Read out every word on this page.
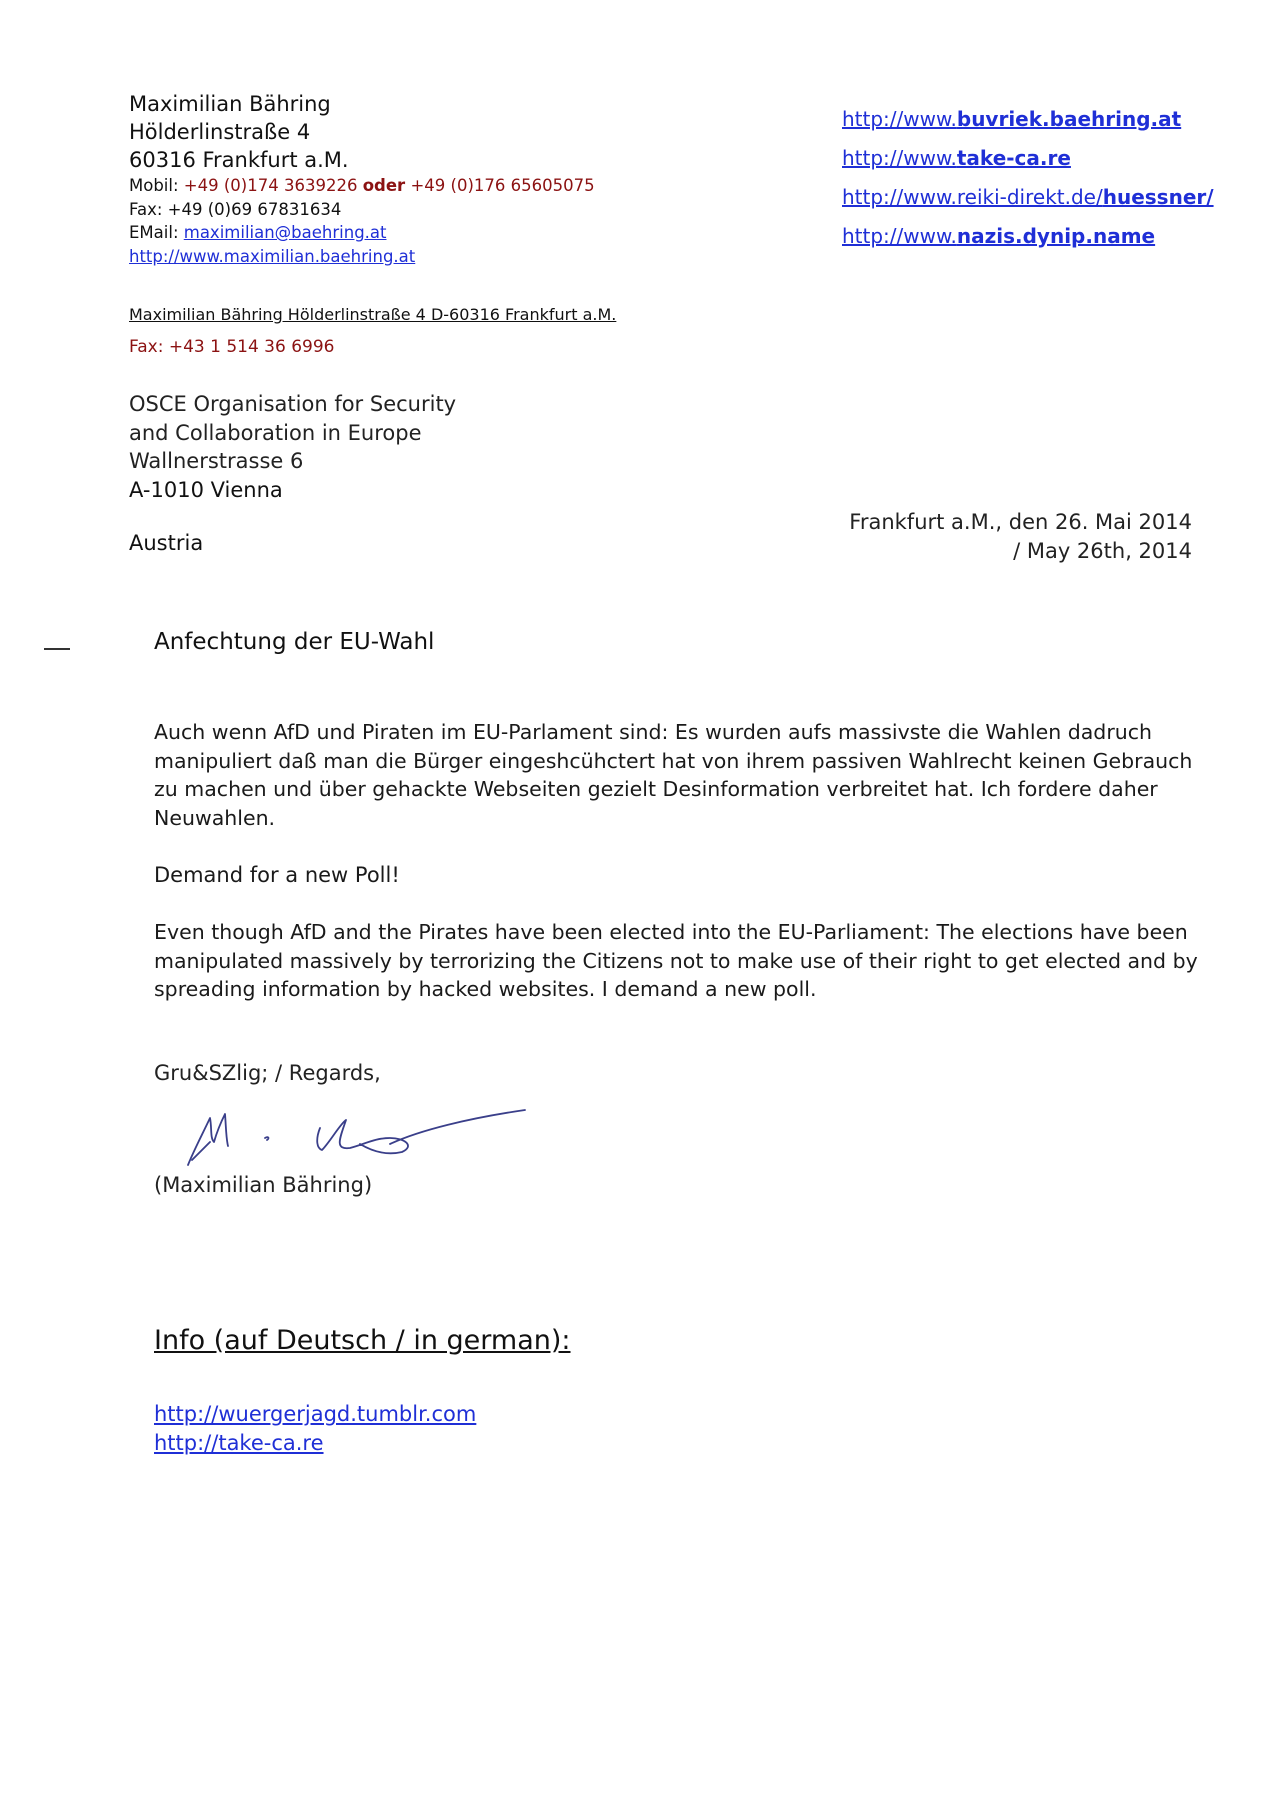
Maximilian Bähring
Hölderlinstraße 4
60316 Frankfurt a.M.
Mobil: +49 (0)174 3639226 oder +49 (0)176 65605075
Fax: +49 (0)69 67831634
EMail: maximilian@baehring.at
http://www.maximilian.baehring.at
http://www.buvriek.baehring.at
http://www.take-ca.re
http://www.reiki-direkt.de/huessner/
http://www.nazis.dynip.name
Maximilian Bähring Hölderlinstraße 4 D-60316 Frankfurt a.M.
Fax: +43 1 514 36 6996
OSCE Organisation for Security
and Collaboration in Europe
Wallnerstrasse 6
A-1010 Vienna
Austria
Frankfurt a.M., den 26. Mai 2014
/ May 26th, 2014
Anfechtung der EU-Wahl
Auch wenn AfD und Piraten im EU-Parlament sind: Es wurden aufs massivste die Wahlen dadruch
manipuliert daß man die Bürger eingeshcühctert hat von ihrem passiven Wahlrecht keinen Gebrauch
zu machen und über gehackte Webseiten gezielt Desinformation verbreitet hat. Ich fordere daher
Neuwahlen.
Demand for a new Poll!
Even though AfD and the Pirates have been elected into the EU-Parliament: The elections have been
manipulated massively by terrorizing the Citizens not to make use of their right to get elected and by
spreading information by hacked websites. I demand a new poll.
Gru&SZlig; / Regards,
(Maximilian Bähring)
Info (auf Deutsch / in german):
http://wuergerjagd.tumblr.com
http://take-ca.re
